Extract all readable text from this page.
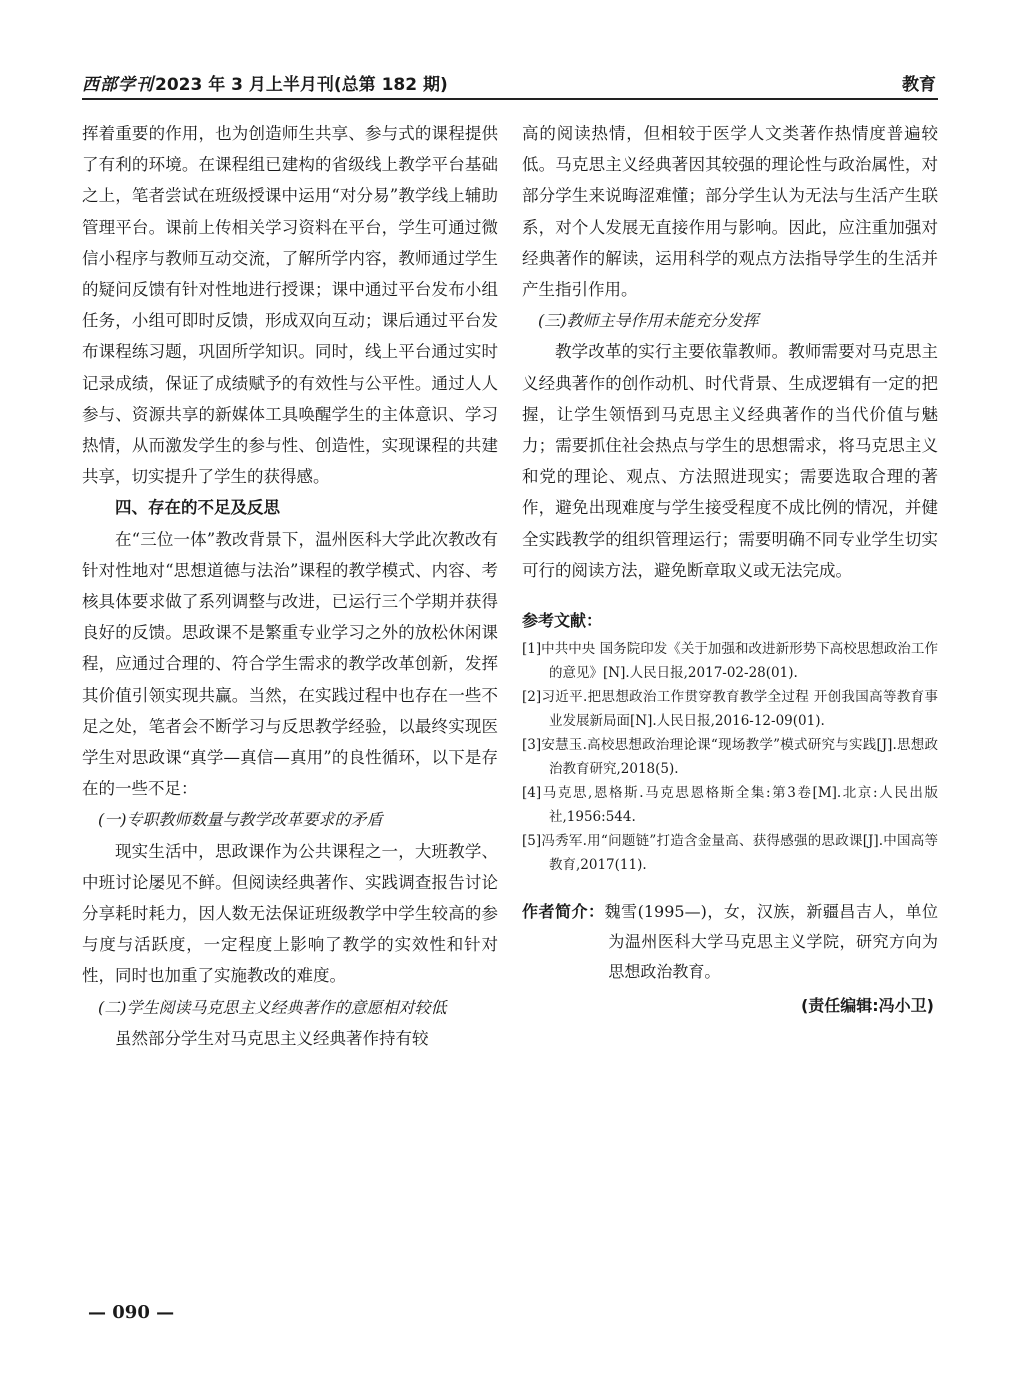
西部学刊2023 年 3 月上半月刊(总第 182 期)	教育

挥着重要的作用，也为创造师生共享、参与式的课程提供了有利的环境。在课程组已建构的省级线上教学平台基础之上，笔者尝试在班级授课中运用“对分易”教学线上辅助管理平台。课前上传相关学习资料在平台，学生可通过微信小程序与教师互动交流，了解所学内容，教师通过学生的疑问反馈有针对性地进行授课；课中通过平台发布小组任务，小组可即时反馈，形成双向互动；课后通过平台发布课程练习题，巩固所学知识。同时，线上平台通过实时记录成绩，保证了成绩赋予的有效性与公平性。通过人人参与、资源共享的新媒体工具唤醒学生的主体意识、学习热情，从而激发学生的参与性、创造性，实现课程的共建共享，切实提升了学生的获得感。

四、存在的不足及反思

在“三位一体”教改背景下，温州医科大学此次教改有针对性地对“思想道德与法治”课程的教学模式、内容、考核具体要求做了系列调整与改进，已运行三个学期并获得良好的反馈。思政课不是繁重专业学习之外的放松休闲课程，应通过合理的、符合学生需求的教学改革创新，发挥其价值引领实现共赢。当然，在实践过程中也存在一些不足之处，笔者会不断学习与反思教学经验，以最终实现医学生对思政课“真学—真信—真用”的良性循环，以下是存在的一些不足：

(一)专职教师数量与教学改革要求的矛盾

现实生活中，思政课作为公共课程之一，大班教学、中班讨论屡见不鲜。但阅读经典著作、实践调查报告讨论分享耗时耗力，因人数无法保证班级教学中学生较高的参与度与活跃度，一定程度上影响了教学的实效性和针对性，同时也加重了实施教改的难度。

(二)学生阅读马克思主义经典著作的意愿相对较低

虽然部分学生对马克思主义经典著作持有较

高的阅读热情，但相较于医学人文类著作热情度普遍较低。马克思主义经典著因其较强的理论性与政治属性，对部分学生来说晦涩难懂；部分学生认为无法与生活产生联系，对个人发展无直接作用与影响。因此，应注重加强对经典著作的解读，运用科学的观点方法指导学生的生活并产生指引作用。

(三)教师主导作用未能充分发挥

教学改革的实行主要依靠教师。教师需要对马克思主义经典著作的创作动机、时代背景、生成逻辑有一定的把握，让学生领悟到马克思主义经典著作的当代价值与魅力；需要抓住社会热点与学生的思想需求，将马克思主义和党的理论、观点、方法照进现实；需要选取合理的著作，避免出现难度与学生接受程度不成比例的情况，并健全实践教学的组织管理运行；需要明确不同专业学生切实可行的阅读方法，避免断章取义或无法完成。

参考文献：

[1]中共中央 国务院印发《关于加强和改进新形势下高校思想政治工作的意见》[N].人民日报,2017-02-28(01).

[2]习近平.把思想政治工作贯穿教育教学全过程 开创我国高等教育事业发展新局面[N].人民日报,2016-12-09(01).

[3]安慧玉.高校思想政治理论课“现场教学”模式研究与实践[J].思想政治教育研究,2018(5).

[4]马克思,恩格斯.马克思恩格斯全集:第3卷[M].北京:人民出版社,1956:544.

[5]冯秀军.用“问题链”打造含金量高、获得感强的思政课[J].中国高等教育,2017(11).

作者简介：魏雪(1995—)，女，汉族，新疆昌吉人，单位为温州医科大学马克思主义学院，研究方向为思想政治教育。
(责任编辑:冯小卫)
— 090 —
